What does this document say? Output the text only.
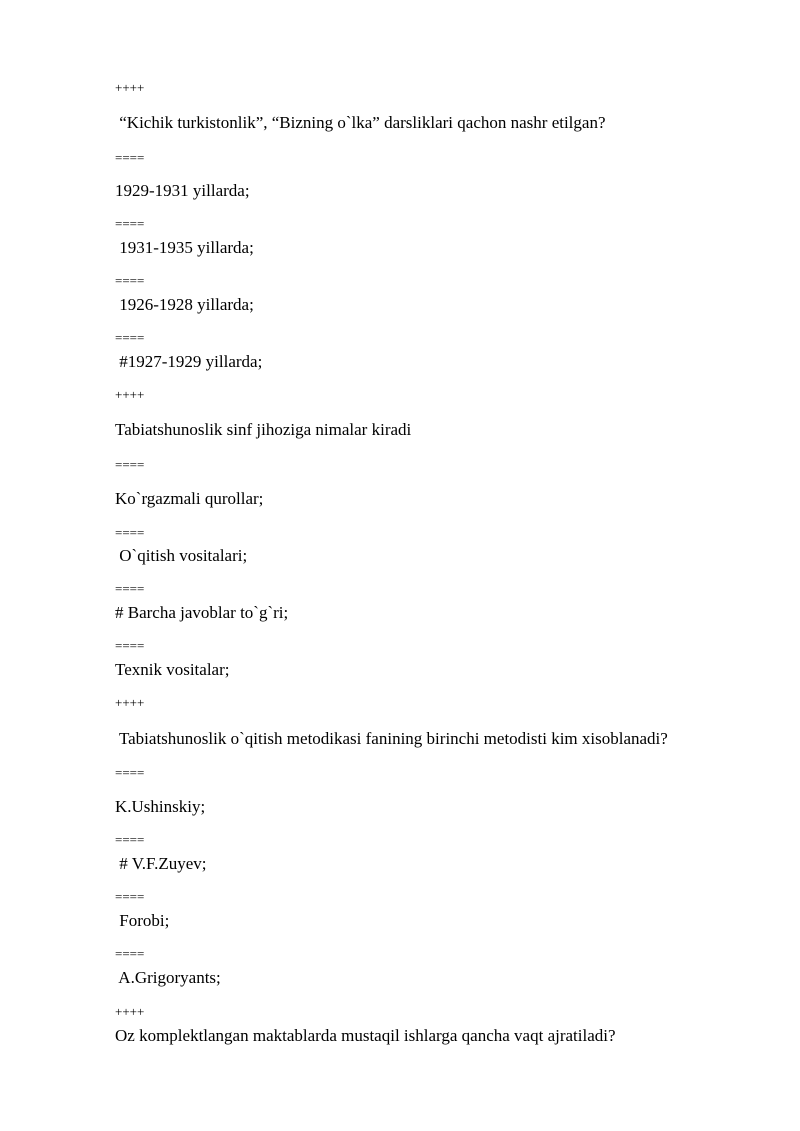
++++
“Kichik turkistonlik”, “Bizning o`lka” darsliklari qachon nashr etilgan?
====
1929-1931 yillarda;
====
1931-1935 yillarda;
====
1926-1928 yillarda;
====
#1927-1929 yillarda;
++++
Tabiatshunoslik sinf jihoziga nimalar kiradi
====
Ko`rgazmali qurollar;
====
O`qitish vositalari;
====
# Barcha javoblar to`g`ri;
====
Texnik vositalar;
++++
Tabiatshunoslik o`qitish metodikasi fanining birinchi metodisti kim xisoblanadi?
====
K.Ushinskiy;
====
# V.F.Zuyev;
====
Forobi;
====
A.Grigoryants;
++++
Oz komplektlangan maktablarda mustaqil ishlarga qancha vaqt ajratiladi?
